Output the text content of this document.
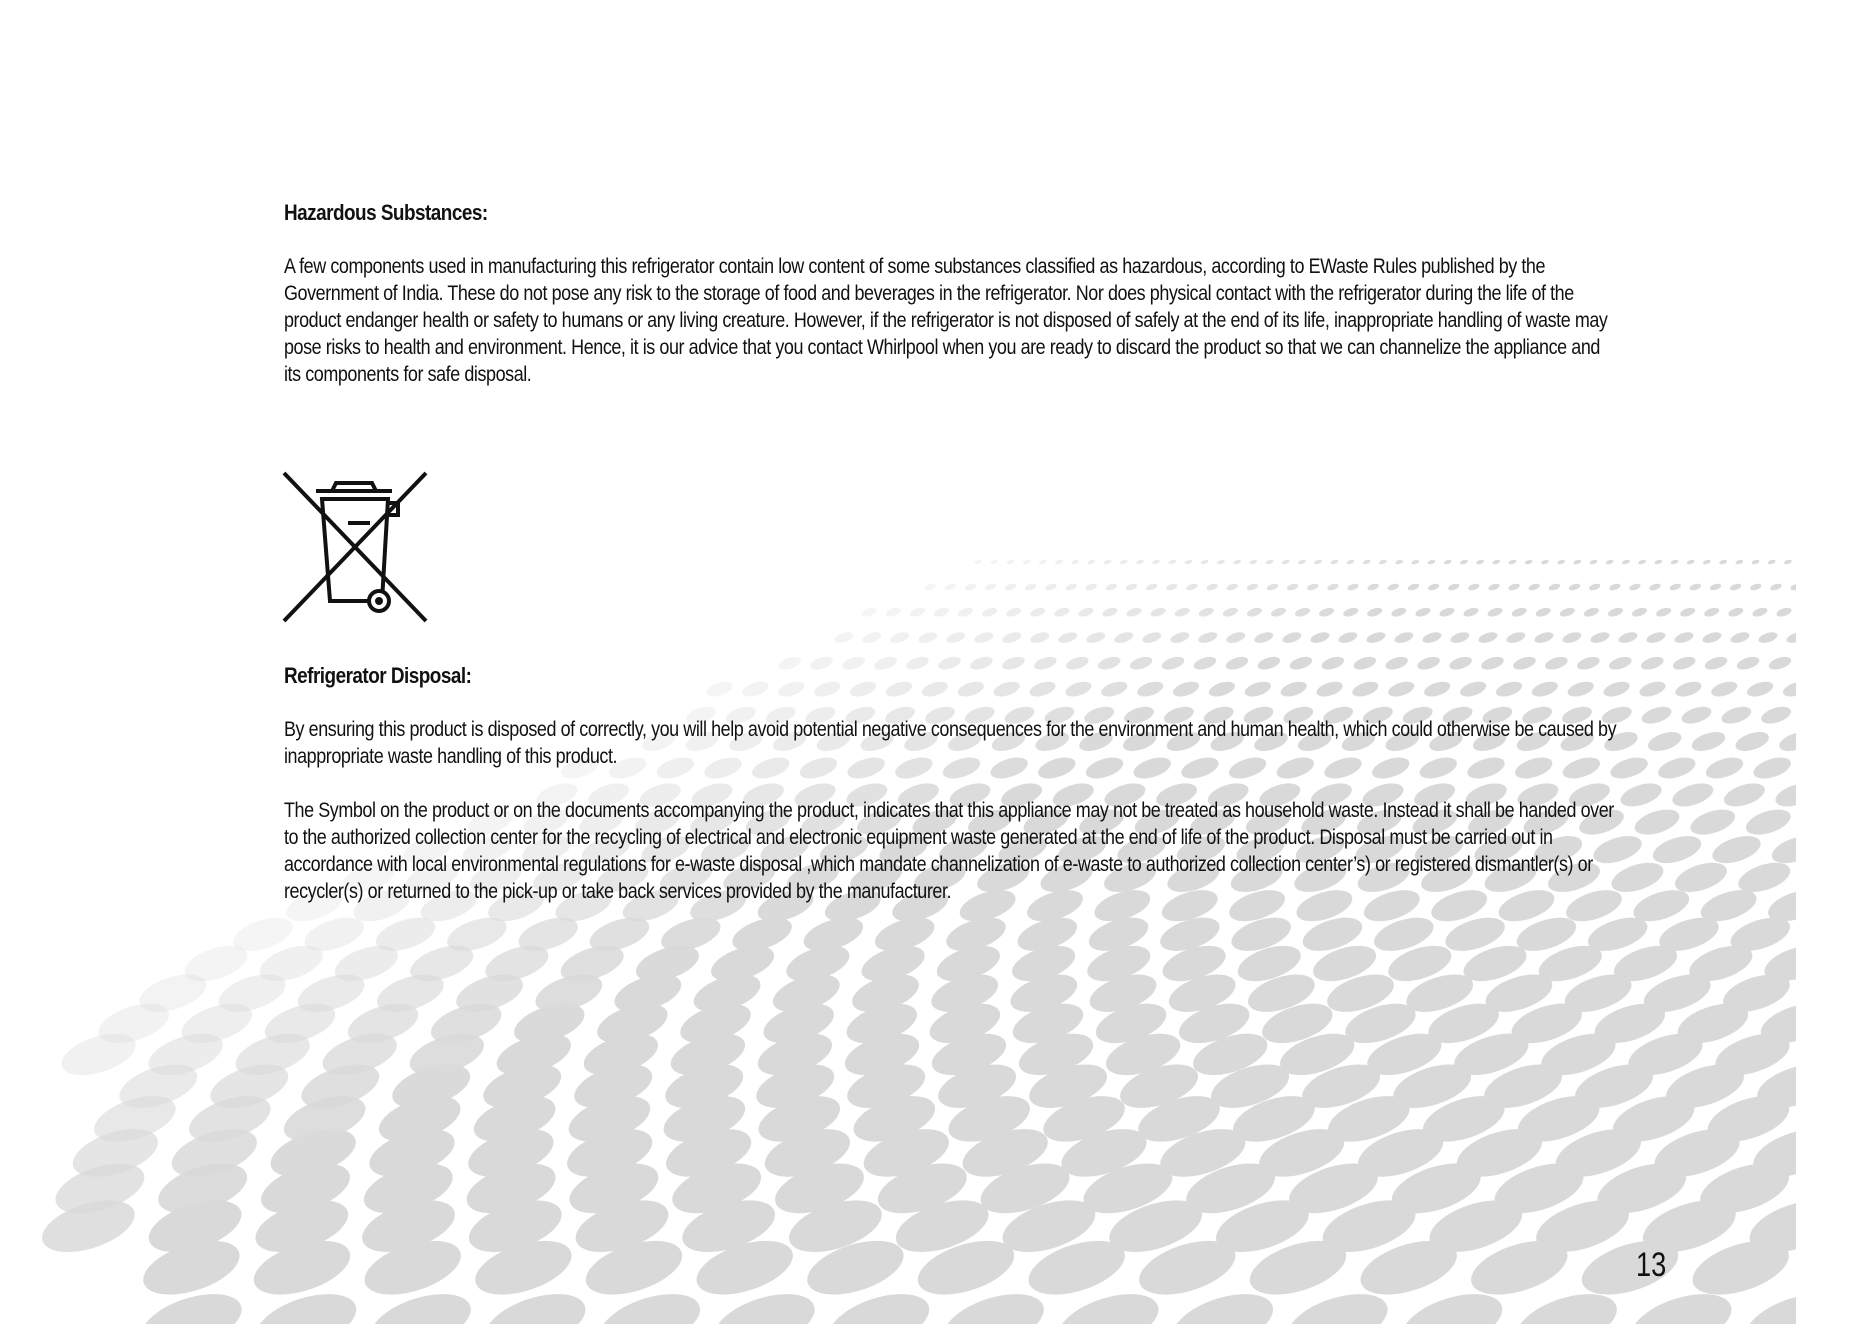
Hazardous Substances:

A few components used in manufacturing this refrigerator contain low content of some substances classified as hazardous, according to EWaste Rules published by the Government of India. These do not pose any risk to the storage of food and beverages in the refrigerator. Nor does physical contact with the refrigerator during the life of the product endanger health or safety to humans or any living creature. However, if the refrigerator is not disposed of safely at the end of its life, inappropriate handling of waste may pose risks to health and environment. Hence, it is our advice that you contact Whirlpool when you are ready to discard the product so that we can channelize the appliance and its components for safe disposal.

Refrigerator Disposal:

By ensuring this product is disposed of correctly, you will help avoid potential negative consequences for the environment and human health, which could otherwise be caused by inappropriate waste handling of this product.

The Symbol on the product or on the documents accompanying the product, indicates that this appliance may not be treated as household waste. Instead it shall be handed over to the authorized collection center for the recycling of electrical and electronic equipment waste generated at the end of life of the product. Disposal must be carried out in accordance with local environmental regulations for e-waste disposal ,which mandate channelization of e-waste to authorized collection center’s) or registered dismantler(s) or recycler(s) or returned to the pick-up or take back services provided by the manufacturer.

13
